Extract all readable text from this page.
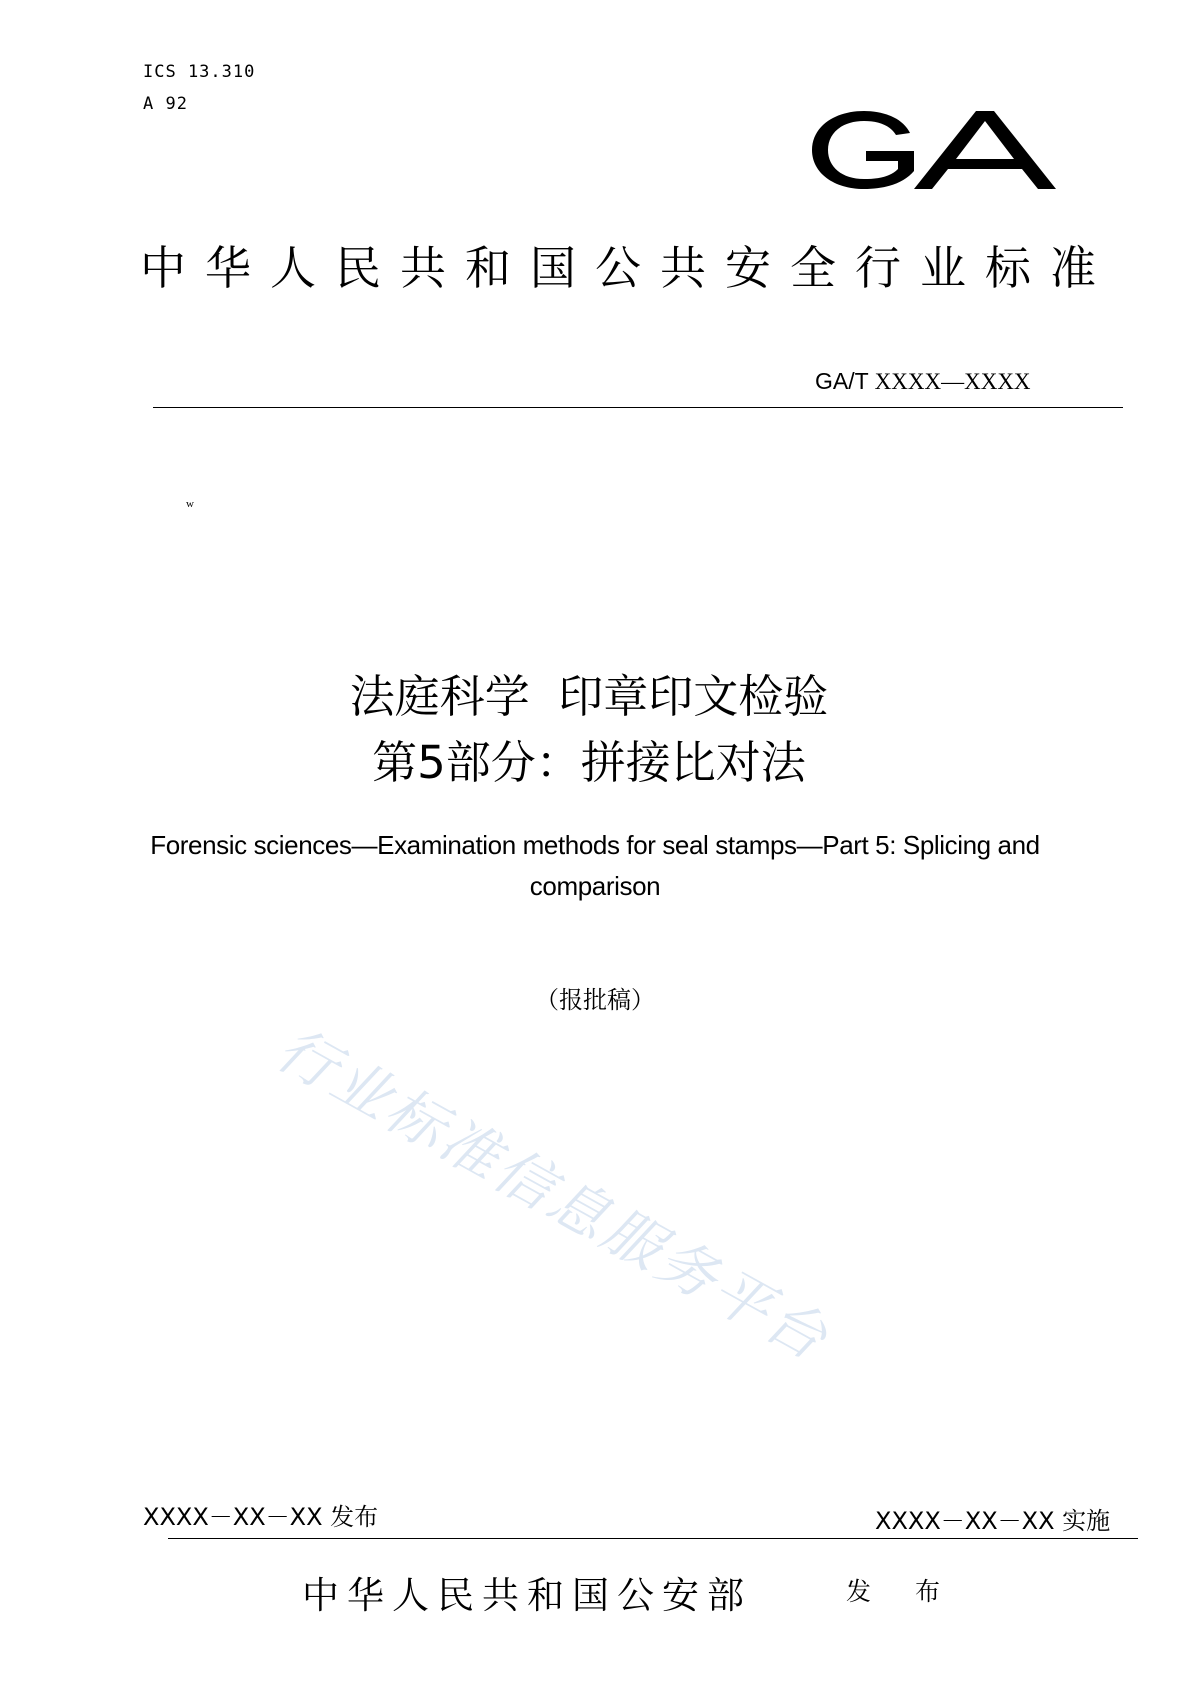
ICS 13.310
A 92
中华人民共和国公共安全行业标准
GA/T XXXX—XXXX
w
法庭科学  印章印文检验
第5部分：拼接比对法
Forensic sciences—Examination methods for seal stamps—Part 5: Splicing and comparison
（报批稿）
行业标准信息服务平台
XXXX－XX－XX 发布	XXXX－XX－XX 实施
中华人民共和国公安部	发 布
